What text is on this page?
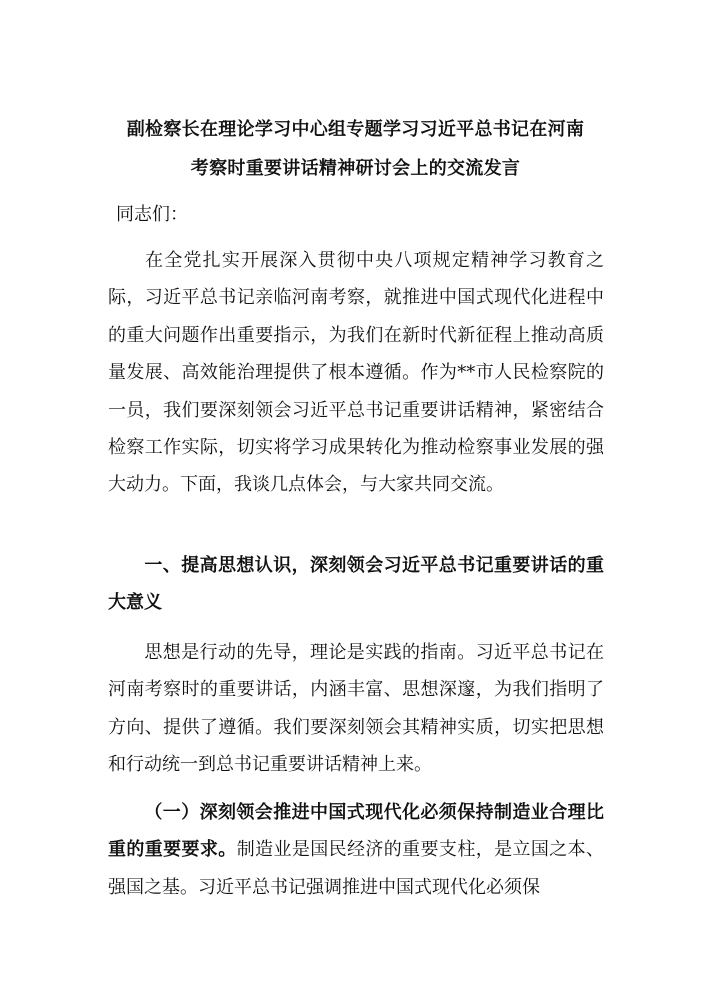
副检察长在理论学习中心组专题学习习近平总书记在河南
考察时重要讲话精神研讨会上的交流发言
同志们：
在全党扎实开展深入贯彻中央八项规定精神学习教育之际，习近平总书记亲临河南考察，就推进中国式现代化进程中的重大问题作出重要指示，为我们在新时代新征程上推动高质量发展、高效能治理提供了根本遵循。作为**市人民检察院的一员，我们要深刻领会习近平总书记重要讲话精神，紧密结合检察工作实际，切实将学习成果转化为推动检察事业发展的强大动力。下面，我谈几点体会，与大家共同交流。
一、提高思想认识，深刻领会习近平总书记重要讲话的重大意义
思想是行动的先导，理论是实践的指南。习近平总书记在河南考察时的重要讲话，内涵丰富、思想深邃，为我们指明了方向、提供了遵循。我们要深刻领会其精神实质，切实把思想和行动统一到总书记重要讲话精神上来。
（一）深刻领会推进中国式现代化必须保持制造业合理比重的重要要求。制造业是国民经济的重要支柱，是立国之本、强国之基。习近平总书记强调推进中国式现代化必须保
